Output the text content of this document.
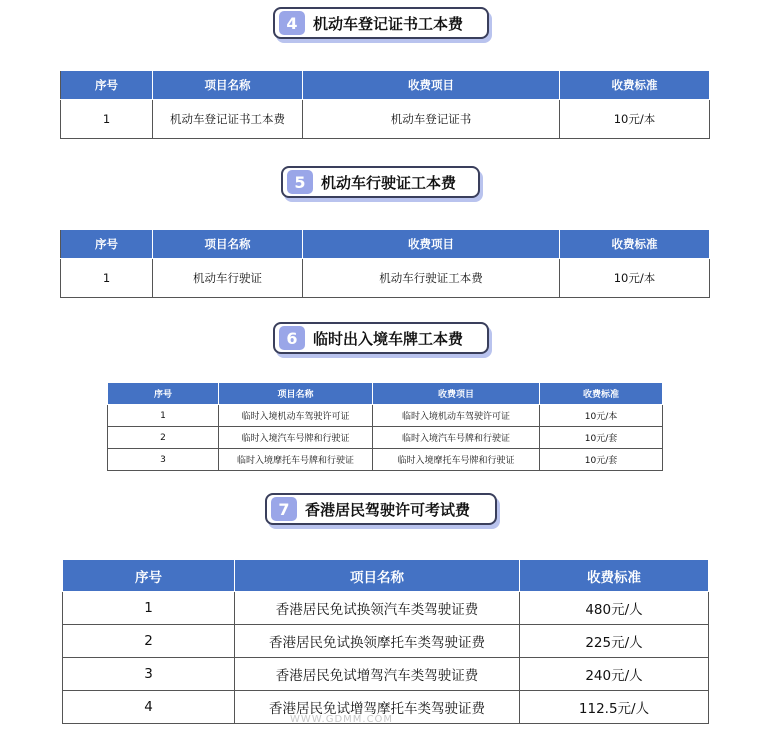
4	机动车登记证书工本费
序号	项目名称	收费项目	收费标准
1	机动车登记证书工本费	机动车登记证书	10元/本
5	机动车行驶证工本费
序号	项目名称	收费项目	收费标准
1	机动车行驶证	机动车行驶证工本费	10元/本
6	临时出入境车牌工本费
序号	项目名称	收费项目	收费标准
1	临时入境机动车驾驶许可证	临时入境机动车驾驶许可证	10元/本
2	临时入境汽车号牌和行驶证	临时入境汽车号牌和行驶证	10元/套
3	临时入境摩托车号牌和行驶证	临时入境摩托车号牌和行驶证	10元/套
7	香港居民驾驶许可考试费
序号	项目名称	收费标准
1	香港居民免试换领汽车类驾驶证费	480元/人
2	香港居民免试换领摩托车类驾驶证费	225元/人
3	香港居民免试增驾汽车类驾驶证费	240元/人
4	香港居民免试增驾摩托车类驾驶证费	112.5元/人
WWW.GDMM.COM
